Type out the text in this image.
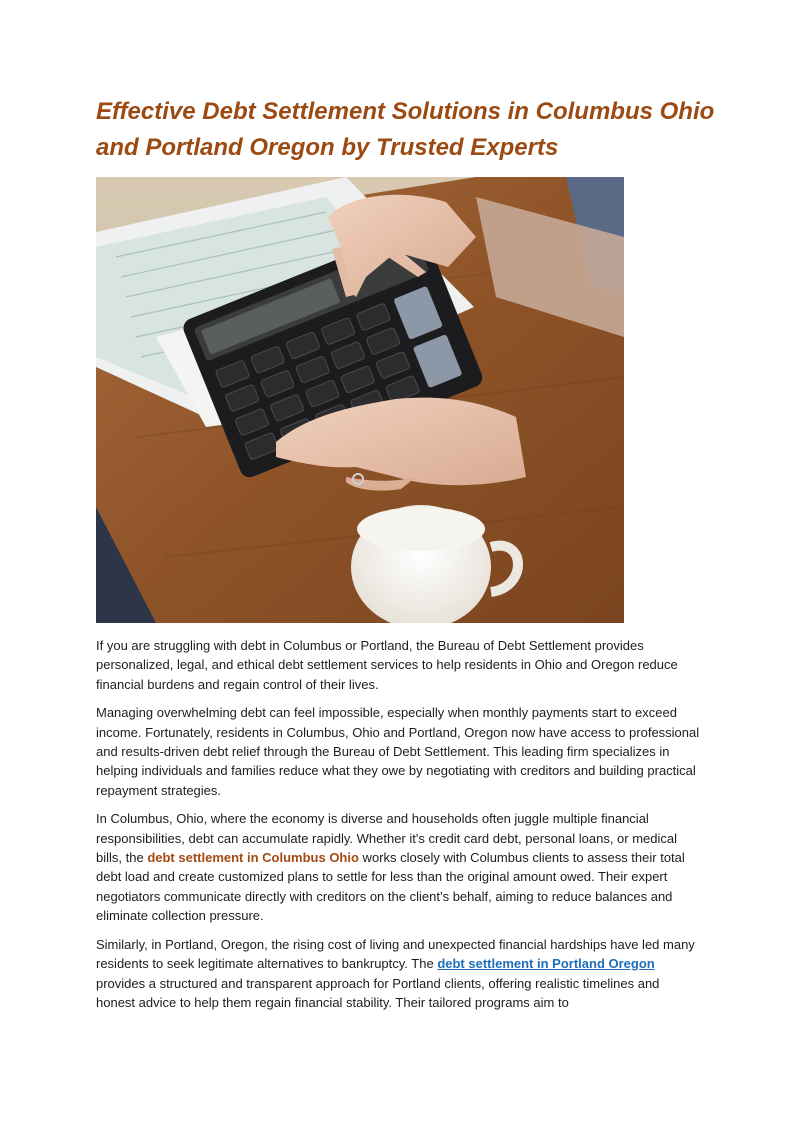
Effective Debt Settlement Solutions in Columbus Ohio and Portland Oregon by Trusted Experts

If you are struggling with debt in Columbus or Portland, the Bureau of Debt Settlement provides personalized, legal, and ethical debt settlement services to help residents in Ohio and Oregon reduce financial burdens and regain control of their lives.

Managing overwhelming debt can feel impossible, especially when monthly payments start to exceed income. Fortunately, residents in Columbus, Ohio and Portland, Oregon now have access to professional and results-driven debt relief through the Bureau of Debt Settlement. This leading firm specializes in helping individuals and families reduce what they owe by negotiating with creditors and building practical repayment strategies.

In Columbus, Ohio, where the economy is diverse and households often juggle multiple financial responsibilities, debt can accumulate rapidly. Whether it's credit card debt, personal loans, or medical bills, the debt settlement in Columbus Ohio works closely with Columbus clients to assess their total debt load and create customized plans to settle for less than the original amount owed. Their expert negotiators communicate directly with creditors on the client’s behalf, aiming to reduce balances and eliminate collection pressure.

Similarly, in Portland, Oregon, the rising cost of living and unexpected financial hardships have led many residents to seek legitimate alternatives to bankruptcy. The debt settlement in Portland Oregon provides a structured and transparent approach for Portland clients, offering realistic timelines and honest advice to help them regain financial stability. Their tailored programs aim to
